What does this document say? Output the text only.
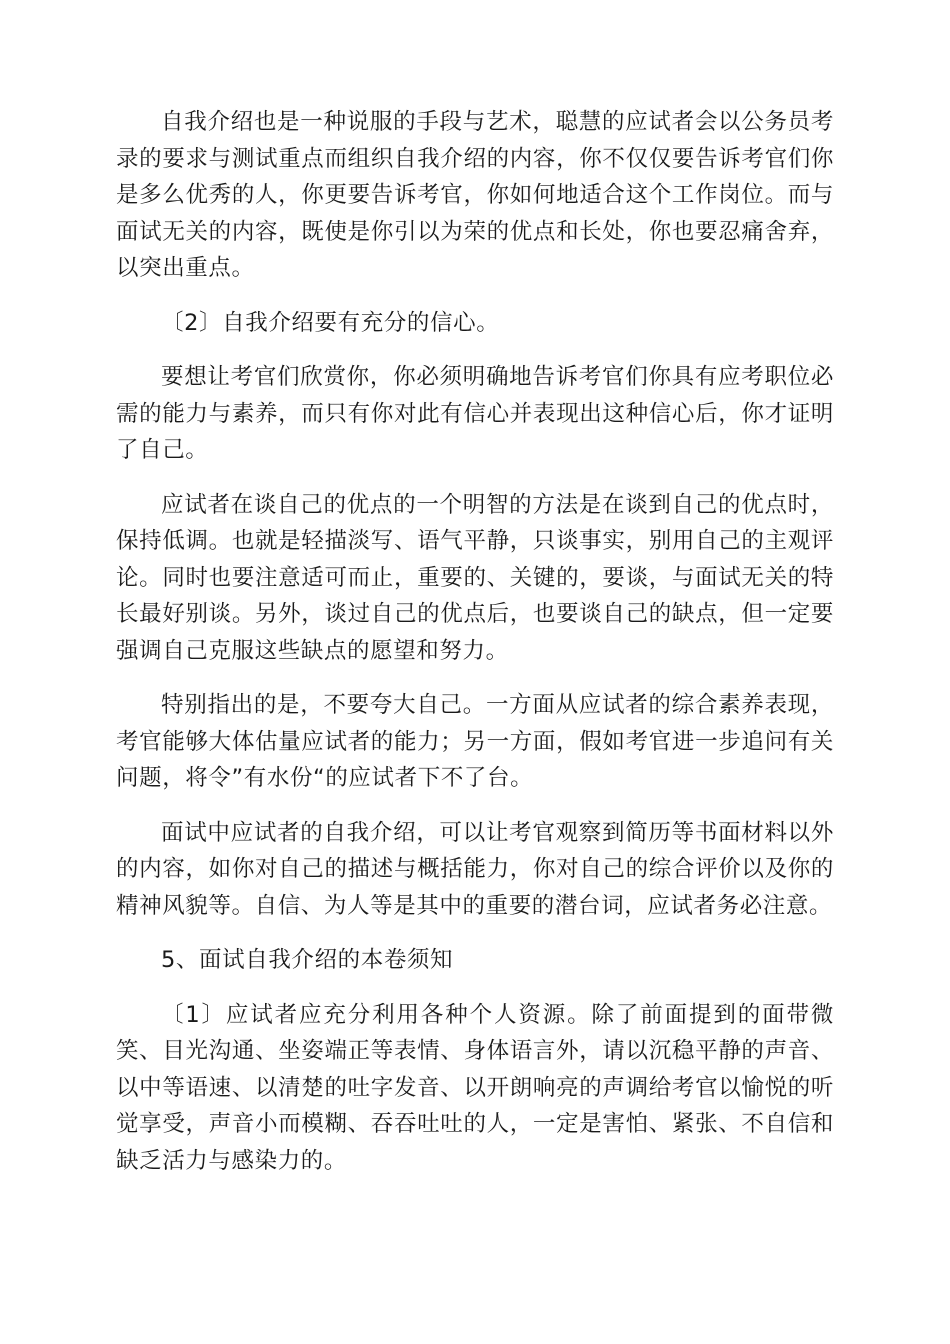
自我介绍也是一种说服的手段与艺术，聪慧的应试者会以公务员考录的要求与测试重点而组织自我介绍的内容，你不仅仅要告诉考官们你是多么优秀的人，你更要告诉考官，你如何地适合这个工作岗位。而与面试无关的内容，既使是你引以为荣的优点和长处，你也要忍痛舍弃，以突出重点。

〔2〕自我介绍要有充分的信心。

要想让考官们欣赏你，你必须明确地告诉考官们你具有应考职位必需的能力与素养，而只有你对此有信心并表现出这种信心后，你才证明了自己。

应试者在谈自己的优点的一个明智的方法是在谈到自己的优点时，保持低调。也就是轻描淡写、语气平静，只谈事实，别用自己的主观评论。同时也要注意适可而止，重要的、关键的，要谈，与面试无关的特长最好别谈。另外，谈过自己的优点后，也要谈自己的缺点，但一定要强调自己克服这些缺点的愿望和努力。

特别指出的是，不要夸大自己。一方面从应试者的综合素养表现，考官能够大体估量应试者的能力；另一方面，假如考官进一步追问有关问题，将令”有水份“的应试者下不了台。

面试中应试者的自我介绍，可以让考官观察到简历等书面材料以外的内容，如你对自己的描述与概括能力，你对自己的综合评价以及你的精神风貌等。自信、为人等是其中的重要的潜台词，应试者务必注意。

5、面试自我介绍的本卷须知

〔1〕应试者应充分利用各种个人资源。除了前面提到的面带微笑、目光沟通、坐姿端正等表情、身体语言外，请以沉稳平静的声音、以中等语速、以清楚的吐字发音、以开朗响亮的声调给考官以愉悦的听觉享受，声音小而模糊、吞吞吐吐的人，一定是害怕、紧张、不自信和缺乏活力与感染力的。
